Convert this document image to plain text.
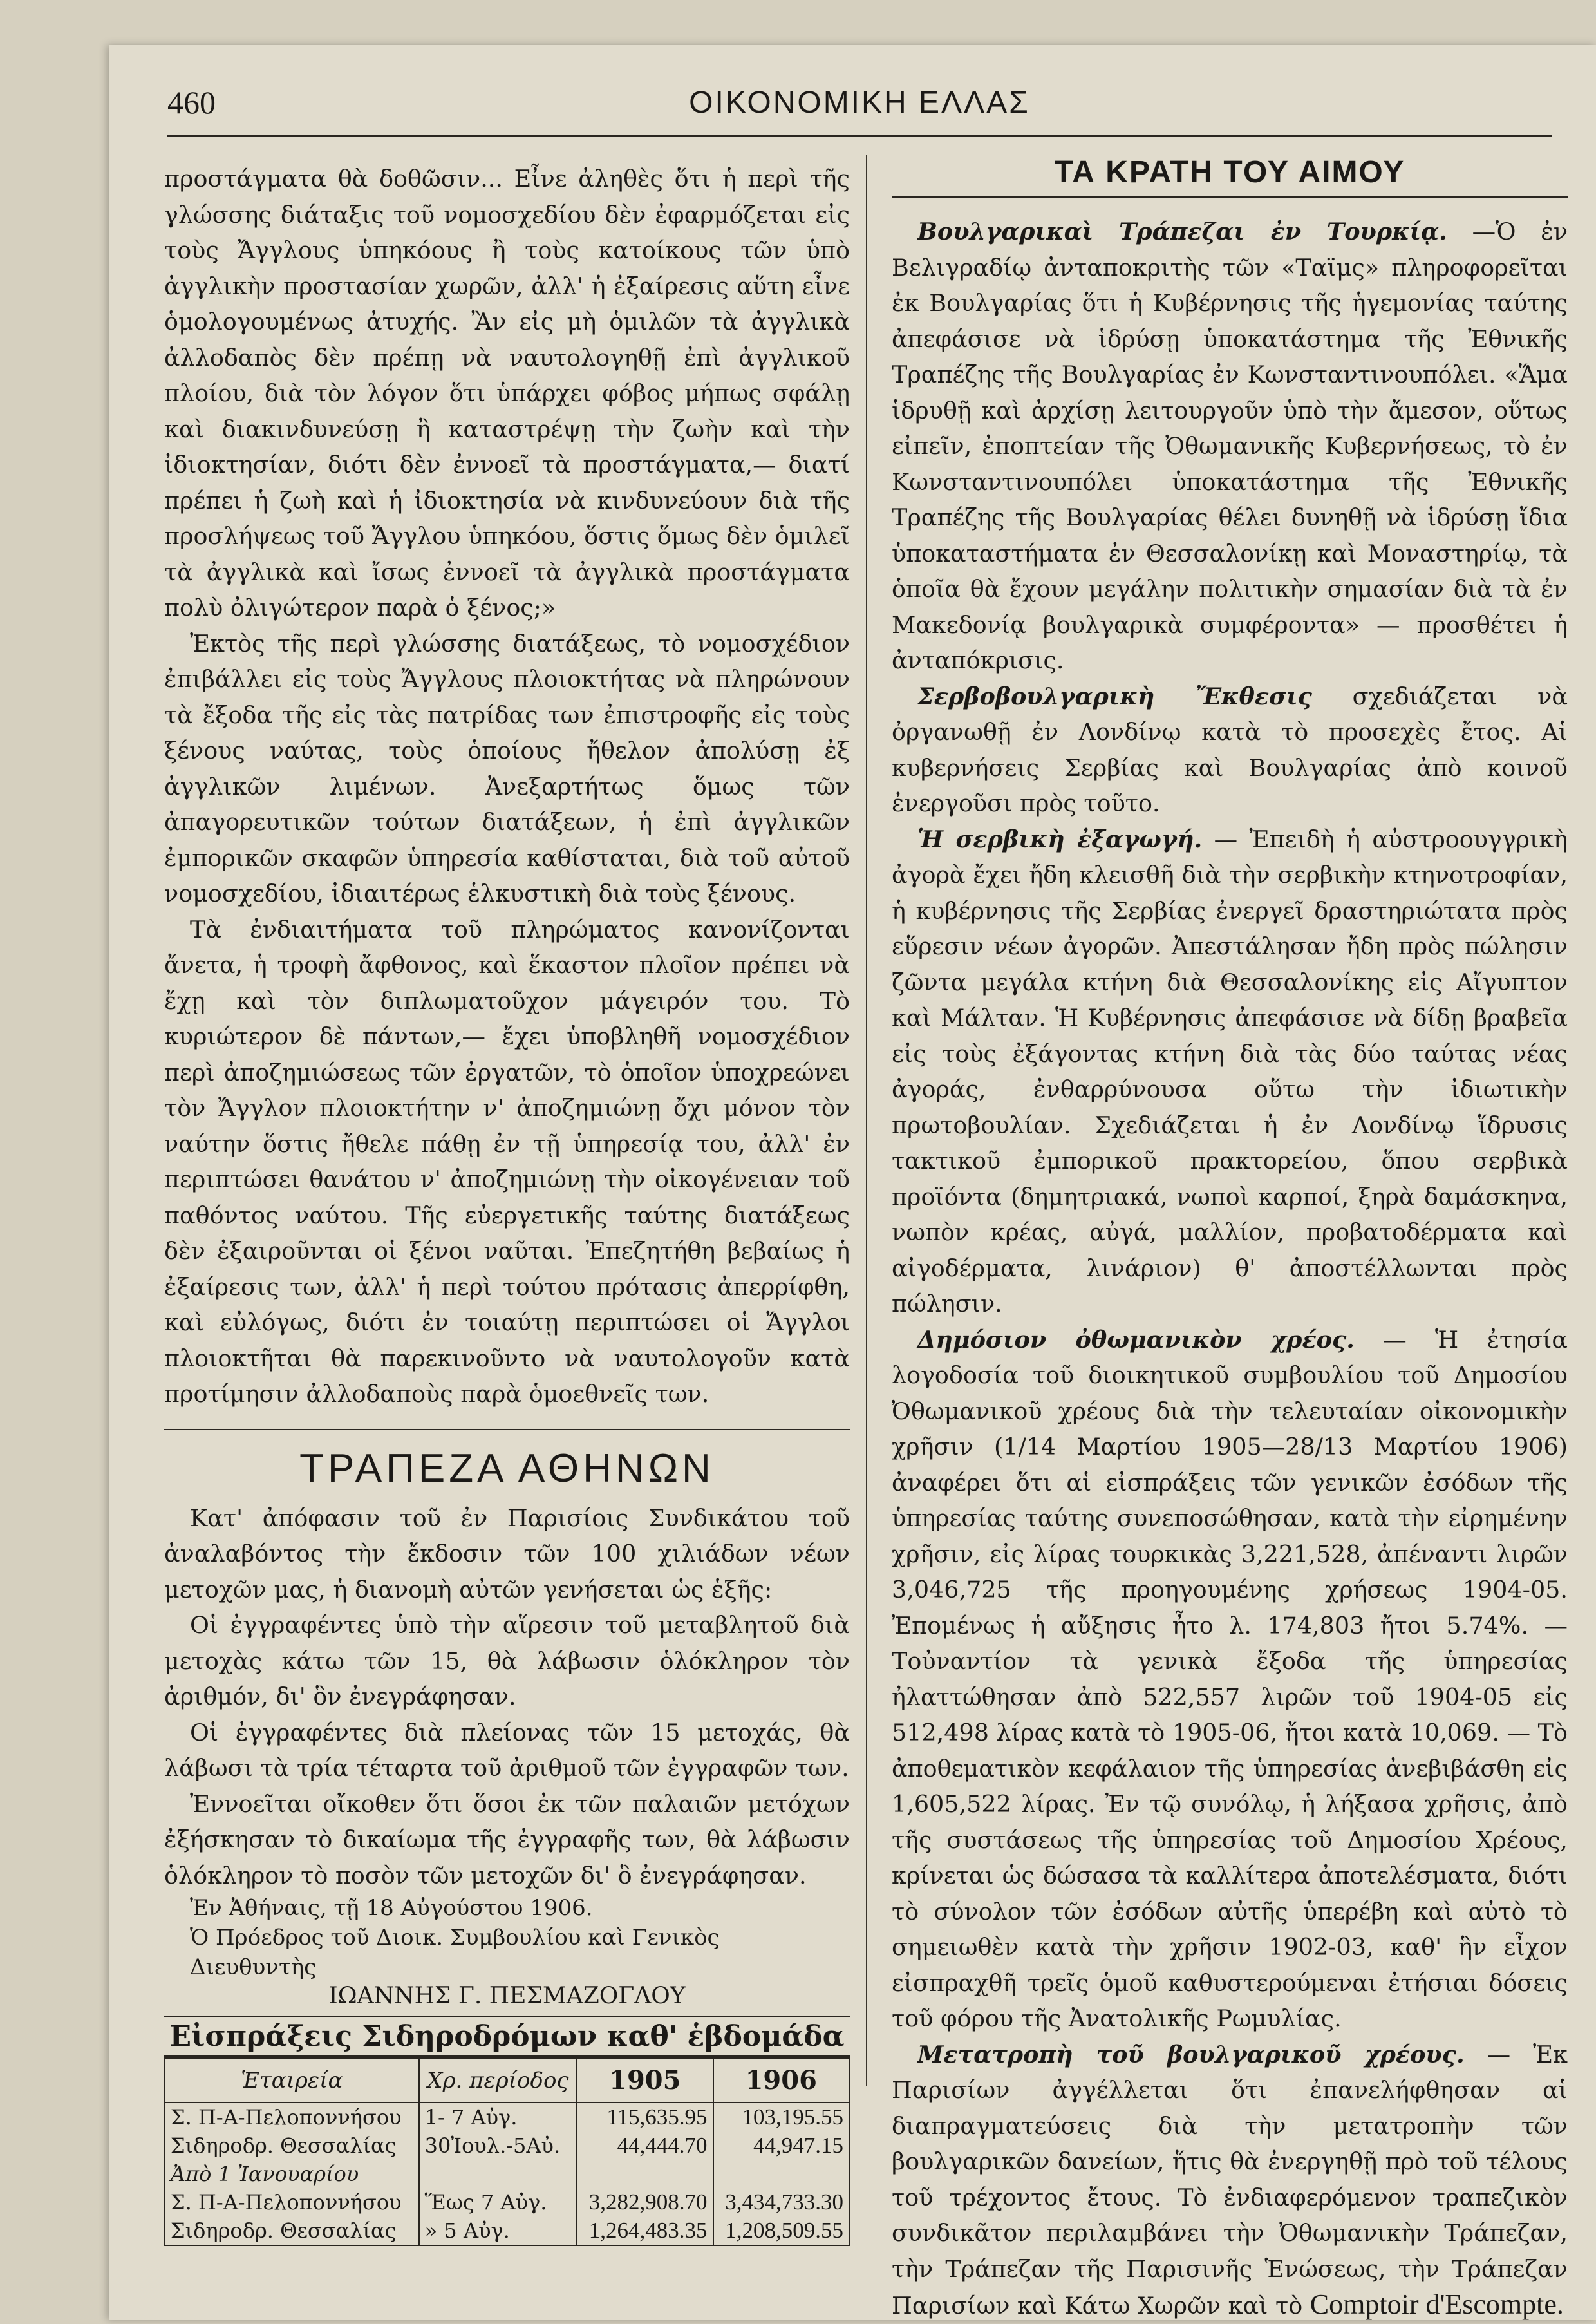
460	ΟΙΚΟΝΟΜΙΚΗ ΕΛΛΑΣ

προστάγματα θὰ δοθῶσιν... Εἶνε ἀληθὲς ὅτι ἡ περὶ τῆς γλώσσης διάταξις τοῦ νομοσχεδίου δὲν ἐφαρμόζεται εἰς τοὺς Ἄγγλους ὑπηκόους ἢ τοὺς κατοίκους τῶν ὑπὸ ἀγγλικὴν προστασίαν χωρῶν, ἀλλ' ἡ ἐξαίρεσις αὕτη εἶνε ὁμολογουμένως ἀτυχής. Ἂν εἰς μὴ ὁμιλῶν τὰ ἀγγλικὰ ἀλλοδαπὸς δὲν πρέπῃ νὰ ναυτολογηθῇ ἐπὶ ἀγγλικοῦ πλοίου, διὰ τὸν λόγον ὅτι ὑπάρχει φόβος μήπως σφάλῃ καὶ διακινδυνεύσῃ ἢ καταστρέψῃ τὴν ζωὴν καὶ τὴν ἰδιοκτησίαν, διότι δὲν ἐννοεῖ τὰ προστάγματα,— διατί πρέπει ἡ ζωὴ καὶ ἡ ἰδιοκτησία νὰ κινδυνεύουν διὰ τῆς προσλήψεως τοῦ Ἄγγλου ὑπηκόου, ὅστις ὅμως δὲν ὁμιλεῖ τὰ ἀγγλικὰ καὶ ἴσως ἐννοεῖ τὰ ἀγγλικὰ προστάγματα πολὺ ὀλιγώτερον παρὰ ὁ ξένος;»

Ἐκτὸς τῆς περὶ γλώσσης διατάξεως, τὸ νομοσχέδιον ἐπιβάλλει εἰς τοὺς Ἄγγλους πλοιοκτήτας νὰ πληρώνουν τὰ ἔξοδα τῆς εἰς τὰς πατρίδας των ἐπιστροφῆς εἰς τοὺς ξένους ναύτας, τοὺς ὁποίους ἤθελον ἀπολύσῃ ἐξ ἀγγλικῶν λιμένων. Ἀνεξαρτήτως ὅμως τῶν ἀπαγορευτικῶν τούτων διατάξεων, ἡ ἐπὶ ἀγγλικῶν ἐμπορικῶν σκαφῶν ὑπηρεσία καθίσταται, διὰ τοῦ αὐτοῦ νομοσχεδίου, ἰδιαιτέρως ἑλκυστικὴ διὰ τοὺς ξένους.

Τὰ ἐνδιαιτήματα τοῦ πληρώματος κανονίζονται ἄνετα, ἡ τροφὴ ἄφθονος, καὶ ἕκαστον πλοῖον πρέπει νὰ ἔχῃ καὶ τὸν διπλωματοῦχον μάγειρόν του. Τὸ κυριώτερον δὲ πάντων,— ἔχει ὑποβληθῆ νομοσχέδιον περὶ ἀποζημιώσεως τῶν ἐργατῶν, τὸ ὁποῖον ὑποχρεώνει τὸν Ἄγγλον πλοιοκτήτην ν' ἀποζημιώνῃ ὄχι μόνον τὸν ναύτην ὅστις ἤθελε πάθῃ ἐν τῇ ὑπηρεσίᾳ του, ἀλλ' ἐν περιπτώσει θανάτου ν' ἀποζημιώνῃ τὴν οἰκογένειαν τοῦ παθόντος ναύτου. Τῆς εὐεργετικῆς ταύτης διατάξεως δὲν ἐξαιροῦνται οἱ ξένοι ναῦται. Ἐπεζητήθη βεβαίως ἡ ἐξαίρεσις των, ἀλλ' ἡ περὶ τούτου πρότασις ἀπερρίφθη, καὶ εὐλόγως, διότι ἐν τοιαύτῃ περιπτώσει οἱ Ἄγγλοι πλοιοκτῆται θὰ παρεκινοῦντο νὰ ναυτολογοῦν κατὰ προτίμησιν ἀλλοδαποὺς παρὰ ὁμοεθνεῖς των.

ΤΡΑΠΕΖΑ ΑΘΗΝΩΝ

Κατ' ἀπόφασιν τοῦ ἐν Παρισίοις Συνδικάτου τοῦ ἀναλαβόντος τὴν ἔκδοσιν τῶν 100 χιλιάδων νέων μετοχῶν μας, ἡ διανομὴ αὐτῶν γενήσεται ὡς ἑξῆς:

Οἱ ἐγγραφέντες ὑπὸ τὴν αἵρεσιν τοῦ μεταβλητοῦ διὰ μετοχὰς κάτω τῶν 15, θὰ λάβωσιν ὁλόκληρον τὸν ἀριθμόν, δι' ὃν ἐνεγράφησαν.

Οἱ ἐγγραφέντες διὰ πλείονας τῶν 15 μετοχάς, θὰ λάβωσι τὰ τρία τέταρτα τοῦ ἀριθμοῦ τῶν ἐγγραφῶν των.

Ἐννοεῖται οἴκοθεν ὅτι ὅσοι ἐκ τῶν παλαιῶν μετόχων ἐξήσκησαν τὸ δικαίωμα τῆς ἐγγραφῆς των, θὰ λάβωσιν ὁλόκληρον τὸ ποσὸν τῶν μετοχῶν δι' ὃ ἐνεγράφησαν.

Ἐν Ἀθήναις, τῇ 18 Αὐγούστου 1906.

Ὁ Πρόεδρος τοῦ Διοικ. Συμβουλίου καὶ Γενικὸς Διευθυντὴς

ΙΩΑΝΝΗΣ Γ. ΠΕΣΜΑΖΟΓΛΟΥ

Εἰσπράξεις Σιδηροδρόμων καθ' ἑβδομάδα
Ἑταιρεία	Χρ. περίοδος	1905	1906
Σ. Π-Α-Πελοποννήσου	1- 7 Αὐγ.	115,635.95	103,195.55
Σιδηροδρ. Θεσσαλίας	30Ἰουλ.-5Αὐ.	44,444.70	44,947.15
Ἀπὸ 1 Ἰανουαρίου			
Σ. Π-Α-Πελοποννήσου	Ἕως 7 Αὐγ.	3,282,908.70	3,434,733.30
Σιδηροδρ. Θεσσαλίας	» 5 Αὐγ.	1,264,483.35	1,208,509.55
ΤΑ ΚΡΑΤΗ ΤΟΥ ΑΙΜΟΥ

Βουλγαρικαὶ Τράπεζαι ἐν Τουρκίᾳ. —Ὁ ἐν Βελιγραδίῳ ἀνταποκριτὴς τῶν «Ταϊμς» πληροφορεῖται ἐκ Βουλγαρίας ὅτι ἡ Κυβέρνησις τῆς ἡγεμονίας ταύτης ἀπεφάσισε νὰ ἱδρύσῃ ὑποκατάστημα τῆς Ἐθνικῆς Τραπέζης τῆς Βουλγαρίας ἐν Κωνσταντινουπόλει. «Ἅμα ἱδρυθῇ καὶ ἀρχίσῃ λειτουργοῦν ὑπὸ τὴν ἄμεσον, οὕτως εἰπεῖν, ἐποπτείαν τῆς Ὀθωμανικῆς Κυβερνήσεως, τὸ ἐν Κωνσταντινουπόλει ὑποκατάστημα τῆς Ἐθνικῆς Τραπέζης τῆς Βουλγαρίας θέλει δυνηθῇ νὰ ἱδρύσῃ ἴδια ὑποκαταστήματα ἐν Θεσσαλονίκῃ καὶ Μοναστηρίῳ, τὰ ὁποῖα θὰ ἔχουν μεγάλην πολιτικὴν σημασίαν διὰ τὰ ἐν Μακεδονίᾳ βουλγαρικὰ συμφέροντα» — προσθέτει ἡ ἀνταπόκρισις.

Σερβοβουλγαρικὴ Ἔκθεσις σχεδιάζεται νὰ ὀργανωθῇ ἐν Λονδίνῳ κατὰ τὸ προσεχὲς ἔτος. Αἱ κυβερνήσεις Σερβίας καὶ Βουλγαρίας ἀπὸ κοινοῦ ἐνεργοῦσι πρὸς τοῦτο.

Ἡ σερβικὴ ἐξαγωγή. — Ἐπειδὴ ἡ αὐστροουγγρικὴ ἀγορὰ ἔχει ἤδη κλεισθῆ διὰ τὴν σερβικὴν κτηνοτροφίαν, ἡ κυβέρνησις τῆς Σερβίας ἐνεργεῖ δραστηριώτατα πρὸς εὕρεσιν νέων ἀγορῶν. Ἀπεστάλησαν ἤδη πρὸς πώλησιν ζῶντα μεγάλα κτήνη διὰ Θεσσαλονίκης εἰς Αἴγυπτον καὶ Μάλταν. Ἡ Κυβέρνησις ἀπεφάσισε νὰ δίδῃ βραβεῖα εἰς τοὺς ἐξάγοντας κτήνη διὰ τὰς δύο ταύτας νέας ἀγοράς, ἐνθαρρύνουσα οὕτω τὴν ἰδιωτικὴν πρωτοβουλίαν. Σχεδιάζεται ἡ ἐν Λονδίνῳ ἵδρυσις τακτικοῦ ἐμπορικοῦ πρακτορείου, ὅπου σερβικὰ προϊόντα (δημητριακά, νωποὶ καρποί, ξηρὰ δαμάσκηνα, νωπὸν κρέας, αὐγά, μαλλίον, προβατοδέρματα καὶ αἰγοδέρματα, λινάριον) θ' ἀποστέλλωνται πρὸς πώλησιν.

Δημόσιον ὀθωμανικὸν χρέος. — Ἡ ἐτησία λογοδοσία τοῦ διοικητικοῦ συμβουλίου τοῦ Δημοσίου Ὀθωμανικοῦ χρέους διὰ τὴν τελευταίαν οἰκονομικὴν χρῆσιν (1/14 Μαρτίου 1905—28/13 Μαρτίου 1906) ἀναφέρει ὅτι αἱ εἰσπράξεις τῶν γενικῶν ἐσόδων τῆς ὑπηρεσίας ταύτης συνεποσώθησαν, κατὰ τὴν εἰρημένην χρῆσιν, εἰς λίρας τουρκικὰς 3,221,528, ἀπέναντι λιρῶν 3,046,725 τῆς προηγουμένης χρήσεως 1904-05. Ἐπομένως ἡ αὔξησις ἦτο λ. 174,803 ἤτοι 5.74%. — Τοὐναντίον τὰ γενικὰ ἔξοδα τῆς ὑπηρεσίας ἠλαττώθησαν ἀπὸ 522,557 λιρῶν τοῦ 1904-05 εἰς 512,498 λίρας κατὰ τὸ 1905-06, ἤτοι κατὰ 10,069. — Τὸ ἀποθεματικὸν κεφάλαιον τῆς ὑπηρεσίας ἀνεβιβάσθη εἰς 1,605,522 λίρας. Ἐν τῷ συνόλῳ, ἡ λήξασα χρῆσις, ἀπὸ τῆς συστάσεως τῆς ὑπηρεσίας τοῦ Δημοσίου Χρέους, κρίνεται ὡς δώσασα τὰ καλλίτερα ἀποτελέσματα, διότι τὸ σύνολον τῶν ἐσόδων αὐτῆς ὑπερέβη καὶ αὐτὸ τὸ σημειωθὲν κατὰ τὴν χρῆσιν 1902-03, καθ' ἣν εἶχον εἰσπραχθῆ τρεῖς ὁμοῦ καθυστερούμεναι ἐτήσιαι δόσεις τοῦ φόρου τῆς Ἀνατολικῆς Ρωμυλίας.

Μετατροπὴ τοῦ βουλγαρικοῦ χρέους. — Ἐκ Παρισίων ἀγγέλλεται ὅτι ἐπανελήφθησαν αἱ διαπραγματεύσεις διὰ τὴν μετατροπὴν τῶν βουλγαρικῶν δανείων, ἥτις θὰ ἐνεργηθῇ πρὸ τοῦ τέλους τοῦ τρέχοντος ἔτους. Τὸ ἐνδιαφερόμενον τραπεζικὸν συνδικᾶτον περιλαμβάνει τὴν Ὀθωμανικὴν Τράπεζαν, τὴν Τράπεζαν τῆς Παρισινῆς Ἑνώσεως, τὴν Τράπεζαν Παρισίων καὶ Κάτω Χωρῶν καὶ τὸ Comptoir d'Escompte.
